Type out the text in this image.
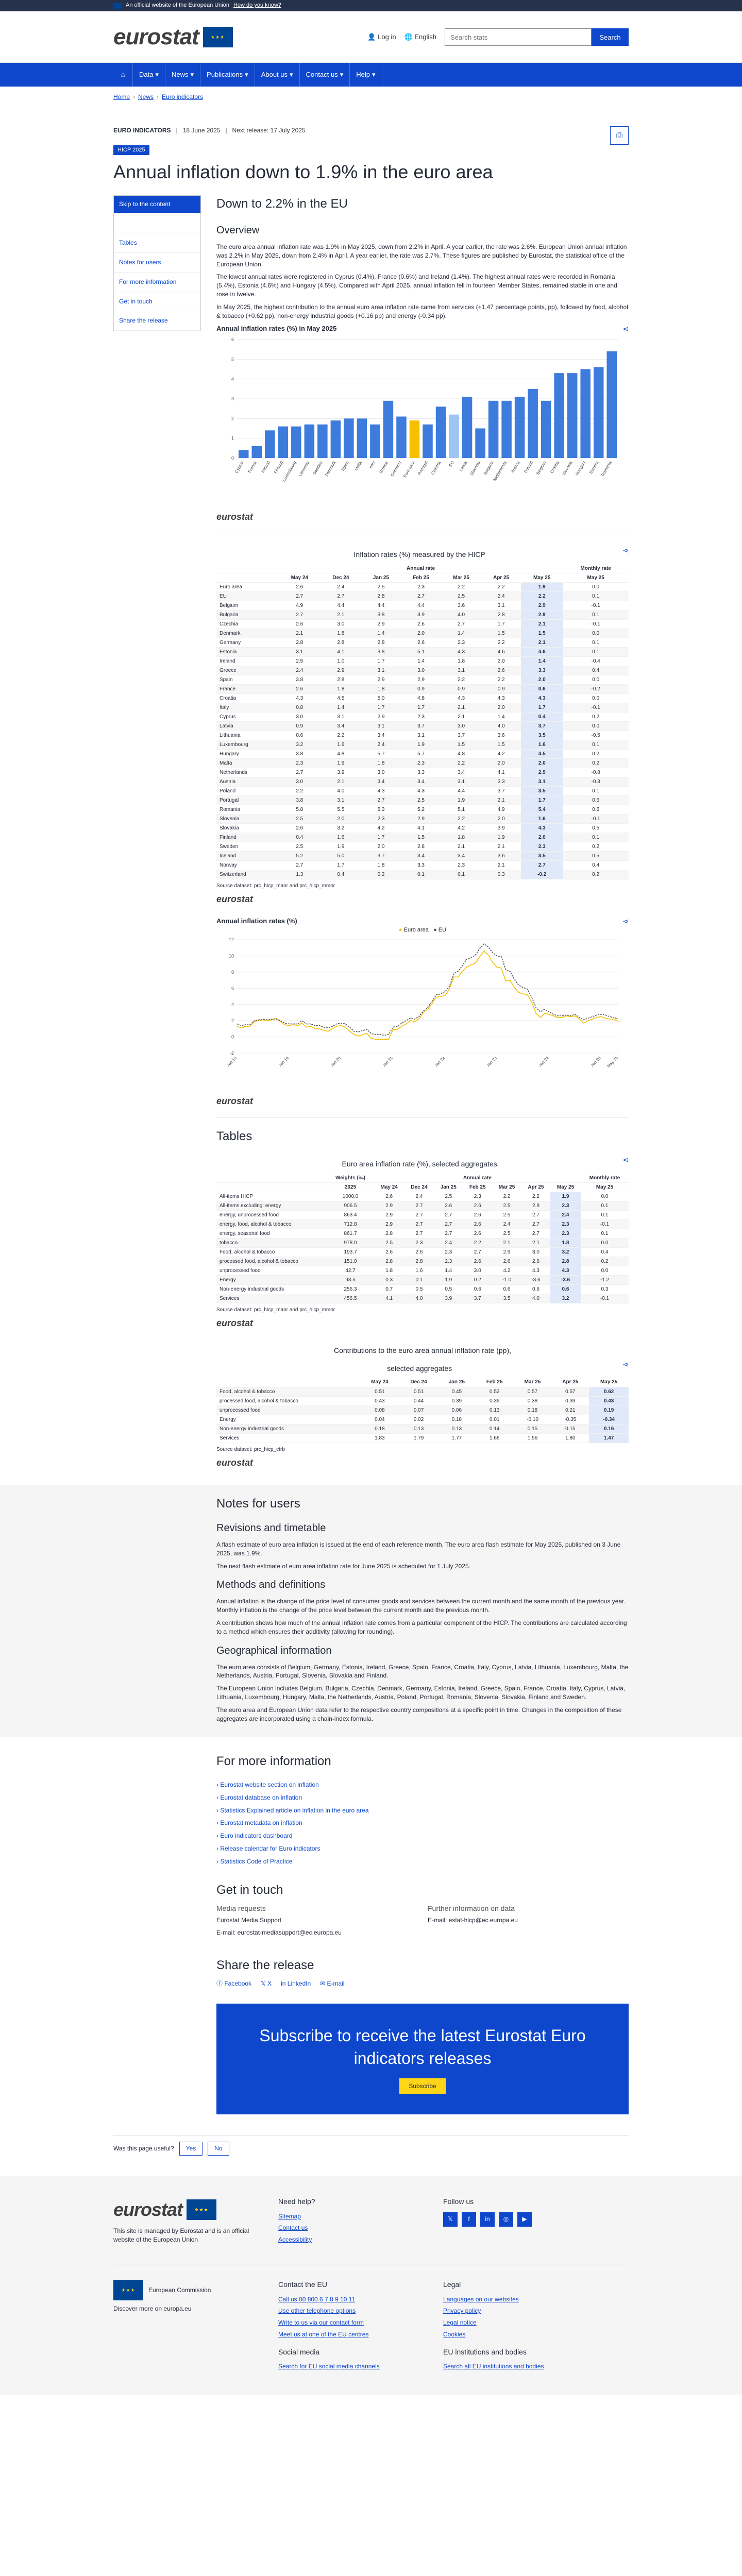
An official website of the European Union How do you know?
eurostat	★★★	👤 Log in 🌐 English
Search stats	Search
⌂	Data ▾	News ▾	Publications ▾	About us ▾	Contact us ▾	Help ▾
Home › News › Euro indicators
EURO INDICATORS | 18 June 2025 | Next release: 17 July 2025
⎙
HICP 2025
Annual inflation down to 1.9% in the euro area
Skip to the content
Tables
Notes for users
For more information
Get in touch
Share the release
Down to 2.2% in the EU
Overview

The euro area annual inflation rate was 1.9% in May 2025, down from 2.2% in April. A year earlier, the rate was 2.6%. European Union annual inflation was 2.2% in May 2025, down from 2.4% in April. A year earlier, the rate was 2.7%. These figures are published by Eurostat, the statistical office of the European Union.

The lowest annual rates were registered in Cyprus (0.4%), France (0.6%) and Ireland (1.4%). The highest annual rates were recorded in Romania (5.4%), Estonia (4.6%) and Hungary (4.5%). Compared with April 2025, annual inflation fell in fourteen Member States, remained stable in one and rose in twelve.

In May 2025, the highest contribution to the annual euro area inflation rate came from services (+1.47 percentage points, pp), followed by food, alcohol & tobacco (+0.62 pp), non-energy industrial goods (+0.16 pp) and energy (-0.34 pp).

Annual inflation rates (%) in May 2025	⋖
0
1
2
3
4
5
6
Cyprus France Ireland Finland
Luxembourg Lithuania Sweden Denmark Spain Malta Italy Greece Germany Euro area Portugal Czechia EU Latvia Slovenia Bulgaria
Netherlands Austria Poland Belgium Croatia Slovakia Hungary Estonia Romania
eurostat
Inflation rates (%) measured by the HICP	⋖
	Annual rate							Monthly rate
	May 24	Dec 24	Jan 25	Feb 25	Mar 25	Apr 25	May 25	May 25
Euro area	2.6	2.4	2.5	2.3	2.2	2.2	1.9	0.0
EU	2.7	2.7	2.8	2.7	2.5	2.4	2.2	0.1
Belgium	4.9	4.4	4.4	4.4	3.6	3.1	2.9	-0.1
Bulgaria	2.7	2.1	3.8	3.9	4.0	2.8	2.9	0.1
Czechia	2.6	3.0	2.9	2.6	2.7	1.7	2.1	-0.1
Denmark	2.1	1.8	1.4	2.0	1.4	1.5	1.5	0.0
Germany	2.8	2.8	2.8	2.6	2.3	2.2	2.1	0.1
Estonia	3.1	4.1	3.8	5.1	4.3	4.6	4.6	0.1
Ireland	2.5	1.0	1.7	1.4	1.8	2.0	1.4	-0.4
Greece	2.4	2.9	3.1	3.0	3.1	2.6	3.3	0.4
Spain	3.8	2.8	2.9	2.9	2.2	2.2	2.0	0.0
France	2.6	1.8	1.8	0.9	0.9	0.9	0.6	-0.2
Croatia	4.3	4.5	5.0	4.8	4.3	4.3	4.3	0.0
Italy	0.8	1.4	1.7	1.7	2.1	2.0	1.7	-0.1
Cyprus	3.0	3.1	2.9	2.3	2.1	1.4	0.4	0.2
Latvia	0.9	3.4	3.1	3.7	3.0	4.0	3.7	0.0
Lithuania	0.6	2.2	3.4	3.1	3.7	3.6	3.5	-0.5
Luxembourg	3.2	1.6	2.4	1.9	1.5	1.5	1.6	0.1
Hungary	3.8	4.8	5.7	5.7	4.8	4.2	4.5	0.2
Malta	2.3	1.9	1.8	2.3	2.2	2.0	2.0	0.2
Netherlands	2.7	3.9	3.0	3.3	3.4	4.1	2.9	-0.8
Austria	3.0	2.1	3.4	3.4	3.1	3.3	3.1	-0.3
Poland	2.2	4.0	4.3	4.3	4.4	3.7	3.5	0.1
Portugal	3.8	3.1	2.7	2.5	1.9	2.1	1.7	0.6
Romania	5.8	5.5	5.3	5.2	5.1	4.9	5.4	0.5
Slovenia	2.5	2.0	2.3	2.9	2.2	2.0	1.6	-0.1
Slovakia	2.6	3.2	4.2	4.1	4.2	3.9	4.3	0.5
Finland	0.4	1.6	1.7	1.5	1.8	1.9	2.0	0.1
Sweden	2.5	1.9	2.0	2.8	2.1	2.1	2.3	0.2
Iceland	5.2	5.0	3.7	3.4	3.4	3.6	3.5	0.5
Norway	2.7	1.7	1.8	3.3	2.3	2.1	2.7	0.4
Switzerland	1.3	0.4	0.2	0.1	0.1	0.3	-0.2	0.2
Source dataset: prc_hicp_manr and prc_hicp_mmor
eurostat
Annual inflation rates (%)	⋖
● Euro area ● EU
-2
0
2
4
6
8
10
12
Jan 18	Jan 19	Jan 20	Jan 21	Jan 22	Jan 23	Jan 24	Jan 25 May 25
eurostat
Tables
Euro area inflation rate (%), selected aggregates	⋖
	Weights (‰)	Annual rate							Monthly rate
	2025	May 24	Dec 24	Jan 25	Feb 25	Mar 25	Apr 25	May 25	May 25
All-items HICP	1000.0	2.6	2.4	2.5	2.3	2.2	2.2	1.9	0.0
All-items excluding: energy	906.5	2.9	2.7	2.6	2.6	2.5	2.9	2.3	0.1
energy, unprocessed food	863.4	2.9	2.7	2.7	2.6	2.5	2.7	2.4	0.1
energy, food, alcohol & tobacco	712.8	2.9	2.7	2.7	2.6	2.4	2.7	2.3	-0.1
energy, seasonal food	861.7	2.8	2.7	2.7	2.6	2.5	2.7	2.3	0.1
tobacco	978.0	2.5	2.3	2.4	2.2	2.1	2.1	1.8	0.0
Food, alcohol & tobacco	193.7	2.6	2.6	2.3	2.7	2.9	3.0	3.2	0.4
processed food, alcohol & tobacco	151.0	2.8	2.8	2.3	2.6	2.6	2.6	2.8	0.2
unprocessed food	42.7	1.8	1.6	1.4	3.0	4.2	4.3	4.3	0.0
Energy	93.5	0.3	0.1	1.9	0.2	-1.0	-3.6	-3.6	-1.2
Non-energy industrial goods	256.3	0.7	0.5	0.5	0.6	0.6	0.6	0.6	0.3
Services	456.5	4.1	4.0	3.9	3.7	3.5	4.0	3.2	-0.1
Source dataset: prc_hicp_manr and prc_hicp_mmor
eurostat
Contributions to the euro area annual inflation rate (pp),
selected aggregates	⋖
	May 24	Dec 24	Jan 25	Feb 25	Mar 25	Apr 25	May 25
Food, alcohol & tobacco	0.51	0.51	0.45	0.52	0.57	0.57	0.62
processed food, alcohol & tobacco	0.43	0.44	0.39	0.39	0.38	0.39	0.43
unprocessed food	0.08	0.07	0.06	0.13	0.18	0.21	0.19
Energy	0.04	0.02	0.18	0.01	-0.10	-0.35	-0.34
Non-energy industrial goods	0.18	0.13	0.13	0.14	0.15	0.15	0.16
Services	1.83	1.79	1.77	1.66	1.56	1.80	1.47
Source dataset: prc_hicp_ctrb
eurostat
Notes for users
Revisions and timetable

A flash estimate of euro area inflation is issued at the end of each reference month. The euro area flash estimate for May 2025, published on 3 June 2025, was 1.9%.

The next flash estimate of euro area inflation rate for June 2025 is scheduled for 1 July 2025.

Methods and definitions

Annual inflation is the change of the price level of consumer goods and services between the current month and the same month of the previous year. Monthly inflation is the change of the price level between the current month and the previous month.

A contribution shows how much of the annual inflation rate comes from a particular component of the HICP. The contributions are calculated according to a method which ensures their additivity (allowing for rounding).

Geographical information

The euro area consists of Belgium, Germany, Estonia, Ireland, Greece, Spain, France, Croatia, Italy, Cyprus, Latvia, Lithuania, Luxembourg, Malta, the Netherlands, Austria, Portugal, Slovenia, Slovakia and Finland.

The European Union includes Belgium, Bulgaria, Czechia, Denmark, Germany, Estonia, Ireland, Greece, Spain, France, Croatia, Italy, Cyprus, Latvia, Lithuania, Luxembourg, Hungary, Malta, the Netherlands, Austria, Poland, Portugal, Romania, Slovenia, Slovakia, Finland and Sweden.

The euro area and European Union data refer to the respective country compositions at a specific point in time. Changes in the composition of these aggregates are incorporated using a chain-index formula.

For more information
› Eurostat website section on inflation
› Eurostat database on inflation
› Statistics Explained article on inflation in the euro area
› Eurostat metadata on inflation
› Euro indicators dashboard
› Release calendar for Euro indicators
› Statistics Code of Practice
Get in touch
Media requests

Eurostat Media Support

E-mail: eurostat-mediasupport@ec.europa.eu

Further information on data

E-mail: estat-hicp@ec.europa.eu

Share the release
ⓕ Facebook 𝕏 X in LinkedIn ✉ E-mail
Subscribe to receive the latest Eurostat Euro indicators releases
Subscribe
Was this page useful?	Yes	No
eurostat	★★★

This site is managed by Eurostat and is an official website of the European Union

Need help?
Sitemap
Contact us
Accessibility
Follow us
𝕏	f	in	◎	▶
★★★	European Commission

Discover more on europa.eu

Contact the EU
Call us 00 800 6 7 8 9 10 11
Use other telephone options
Write to us via our contact form
Meet us at one of the EU centres
Social media
Search for EU social media channels
Legal
Languages on our websites
Privacy policy
Legal notice
Cookies
EU institutions and bodies
Search all EU institutions and bodies
